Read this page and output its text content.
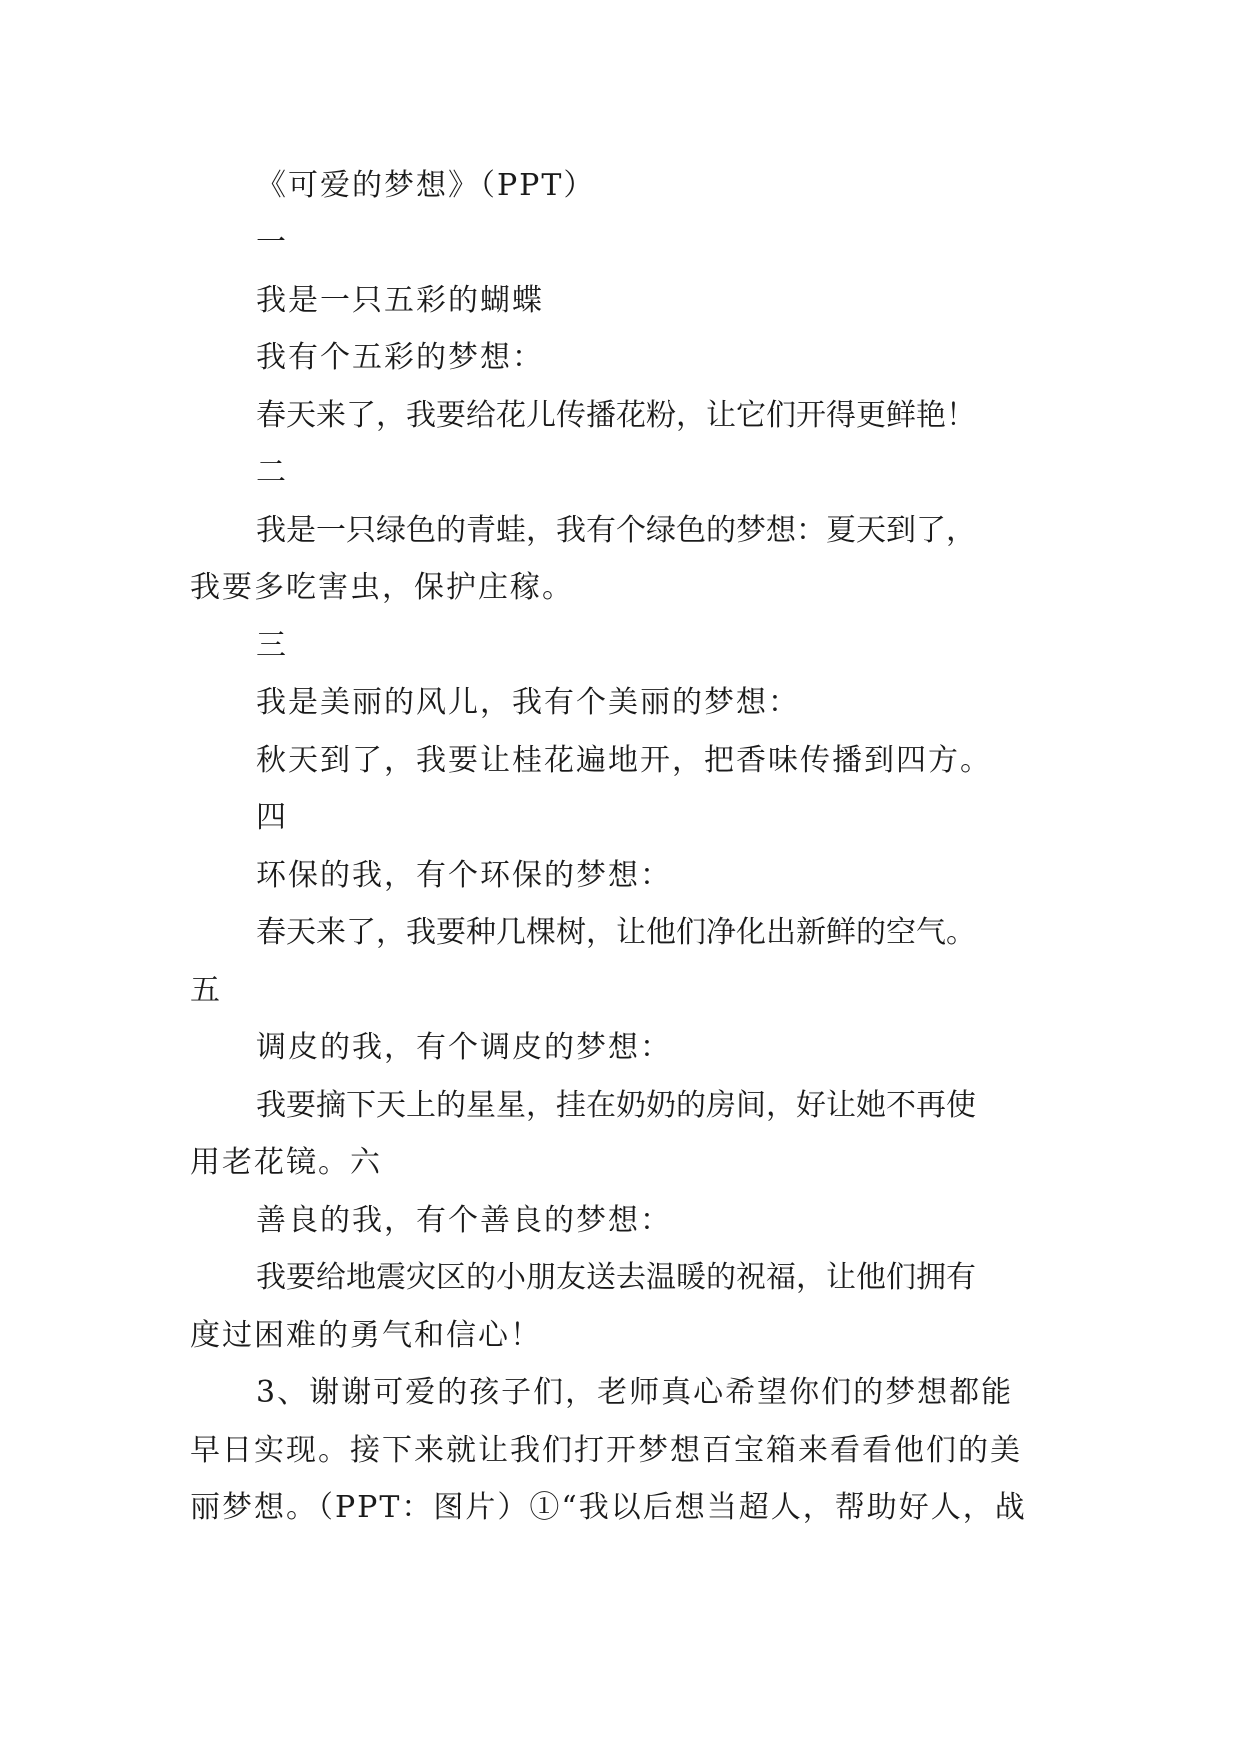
《可爱的梦想》（PPT）
一
我是一只五彩的蝴蝶
我有个五彩的梦想：
春天来了，我要给花儿传播花粉，让它们开得更鲜艳！
二
我是一只绿色的青蛙，我有个绿色的梦想：夏天到了，
我要多吃害虫，保护庄稼。
三
我是美丽的风儿，我有个美丽的梦想：
秋天到了，我要让桂花遍地开，把香味传播到四方。
四
环保的我，有个环保的梦想：
春天来了，我要种几棵树，让他们净化出新鲜的空气。
五
调皮的我，有个调皮的梦想：
我要摘下天上的星星，挂在奶奶的房间，好让她不再使
用老花镜。六
善良的我，有个善良的梦想：
我要给地震灾区的小朋友送去温暖的祝福，让他们拥有
度过困难的勇气和信心！
3、谢谢可爱的孩子们，老师真心希望你们的梦想都能
早日实现。接下来就让我们打开梦想百宝箱来看看他们的美
丽梦想。（PPT：图片）①“我以后想当超人，帮助好人，战
